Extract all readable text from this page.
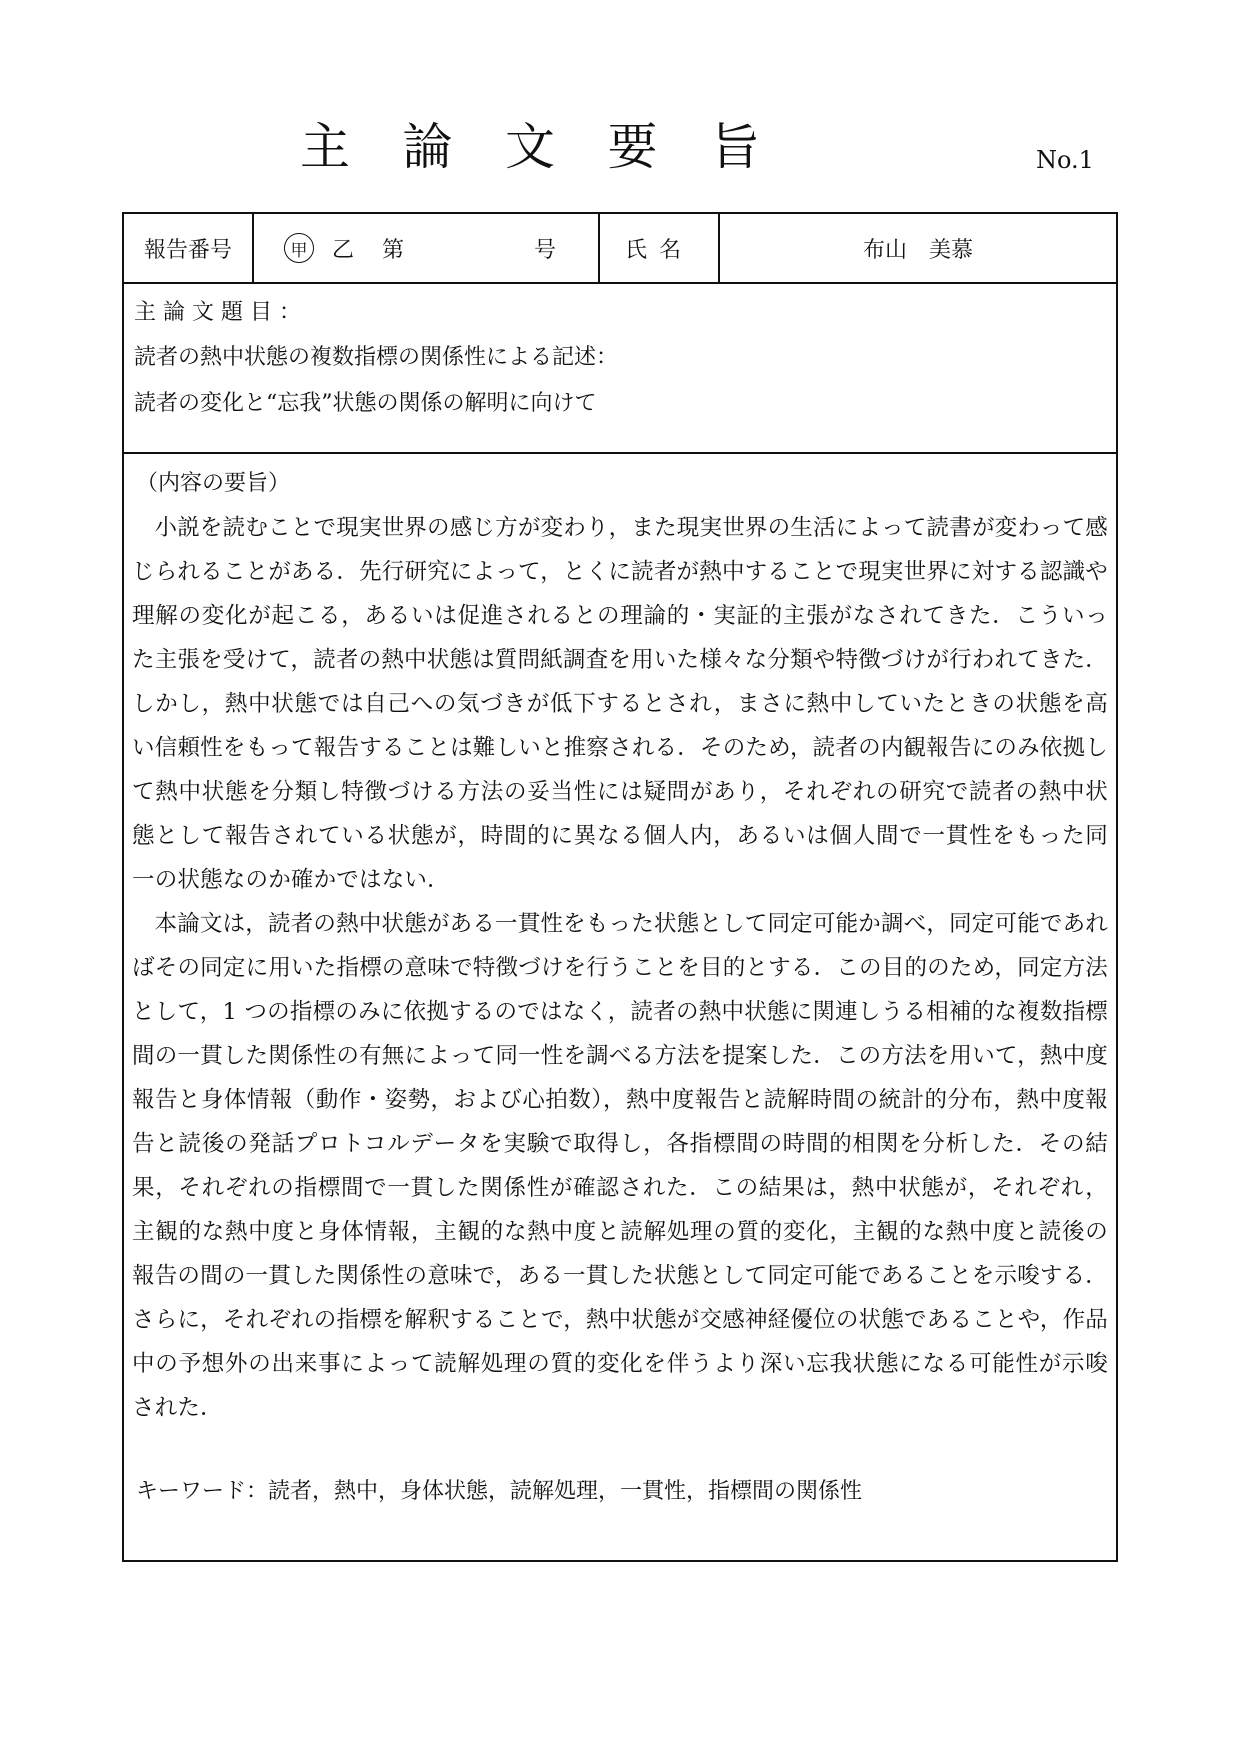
主 論 文 要 旨	No.1
報告番号	甲 乙 第	号	氏名	布山　美慕
主論文題目：
読者の熱中状態の複数指標の関係性による記述：
読者の変化と“忘我”状態の関係の解明に向けて
（内容の要旨）

小説を読むことで現実世界の感じ方が変わり，また現実世界の生活によって読書が変わって感じられることがある．先行研究によって，とくに読者が熱中することで現実世界に対する認識や理解の変化が起こる，あるいは促進されるとの理論的・実証的主張がなされてきた．こういった主張を受けて，読者の熱中状態は質問紙調査を用いた様々な分類や特徴づけが行われてきた．しかし，熱中状態では自己への気づきが低下するとされ，まさに熱中していたときの状態を高い信頼性をもって報告することは難しいと推察される．そのため，読者の内観報告にのみ依拠して熱中状態を分類し特徴づける方法の妥当性には疑問があり，それぞれの研究で読者の熱中状態として報告されている状態が，時間的に異なる個人内，あるいは個人間で一貫性をもった同一の状態なのか確かではない．

本論文は，読者の熱中状態がある一貫性をもった状態として同定可能か調べ，同定可能であればその同定に用いた指標の意味で特徴づけを行うことを目的とする．この目的のため，同定方法として，1 つの指標のみに依拠するのではなく，読者の熱中状態に関連しうる相補的な複数指標間の一貫した関係性の有無によって同一性を調べる方法を提案した．この方法を用いて，熱中度報告と身体情報（動作・姿勢，および心拍数），熱中度報告と読解時間の統計的分布，熱中度報告と読後の発話プロトコルデータを実験で取得し，各指標間の時間的相関を分析した．その結果，それぞれの指標間で一貫した関係性が確認された．この結果は，熱中状態が，それぞれ，主観的な熱中度と身体情報，主観的な熱中度と読解処理の質的変化，主観的な熱中度と読後の報告の間の一貫した関係性の意味で，ある一貫した状態として同定可能であることを示唆する．さらに，それぞれの指標を解釈することで，熱中状態が交感神経優位の状態であることや，作品中の予想外の出来事によって読解処理の質的変化を伴うより深い忘我状態になる可能性が示唆された．

キーワード：読者，熱中，身体状態，読解処理，一貫性，指標間の関係性
